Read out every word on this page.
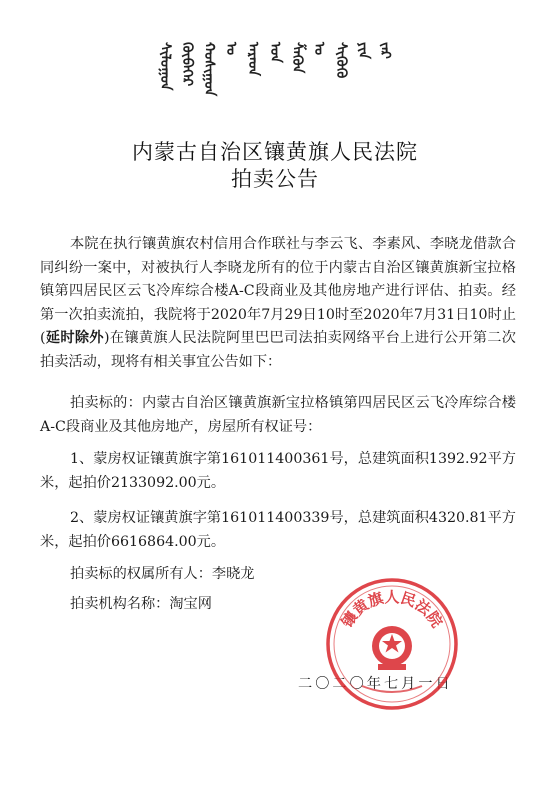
ᠰᠢᠯᠤᠭᠤᠨ ᠬᠥᠪᠡᠭᠡᠷ ᠬᠣᠰᠢᠭᠤᠨ ᠤ ᠠᠷᠠᠳ ᠤᠨ ᠱᠡᠭᠦᠨ ᠤ ᠱᠢᠭᠦᠬᠦ ᠶᠢᠨ ᠵᠠᠷ
内蒙古自治区镶黄旗人民法院
拍卖公告

本院在执行镶黄旗农村信用合作联社与李云飞、李素风、李晓龙借款合同纠纷一案中，对被执行人李晓龙所有的位于内蒙古自治区镶黄旗新宝拉格镇第四居民区云飞冷库综合楼A-C段商业及其他房地产进行评估、拍卖。经第一次拍卖流拍，我院将于2020年7月29日10时至2020年7月31日10时止(延时除外)在镶黄旗人民法院阿里巴巴司法拍卖网络平台上进行公开第二次拍卖活动，现将有相关事宜公告如下：

拍卖标的：内蒙古自治区镶黄旗新宝拉格镇第四居民区云飞冷库综合楼A-C段商业及其他房地产，房屋所有权证号：

1、蒙房权证镶黄旗字第161011400361号，总建筑面积1392.92平方米，起拍价2133092.00元。

2、蒙房权证镶黄旗字第161011400339号，总建筑面积4320.81平方米，起拍价6616864.00元。

拍卖标的权属所有人：李晓龙

拍卖机构名称：淘宝网

二〇二〇年七月一日
镶黄旗人民法院
